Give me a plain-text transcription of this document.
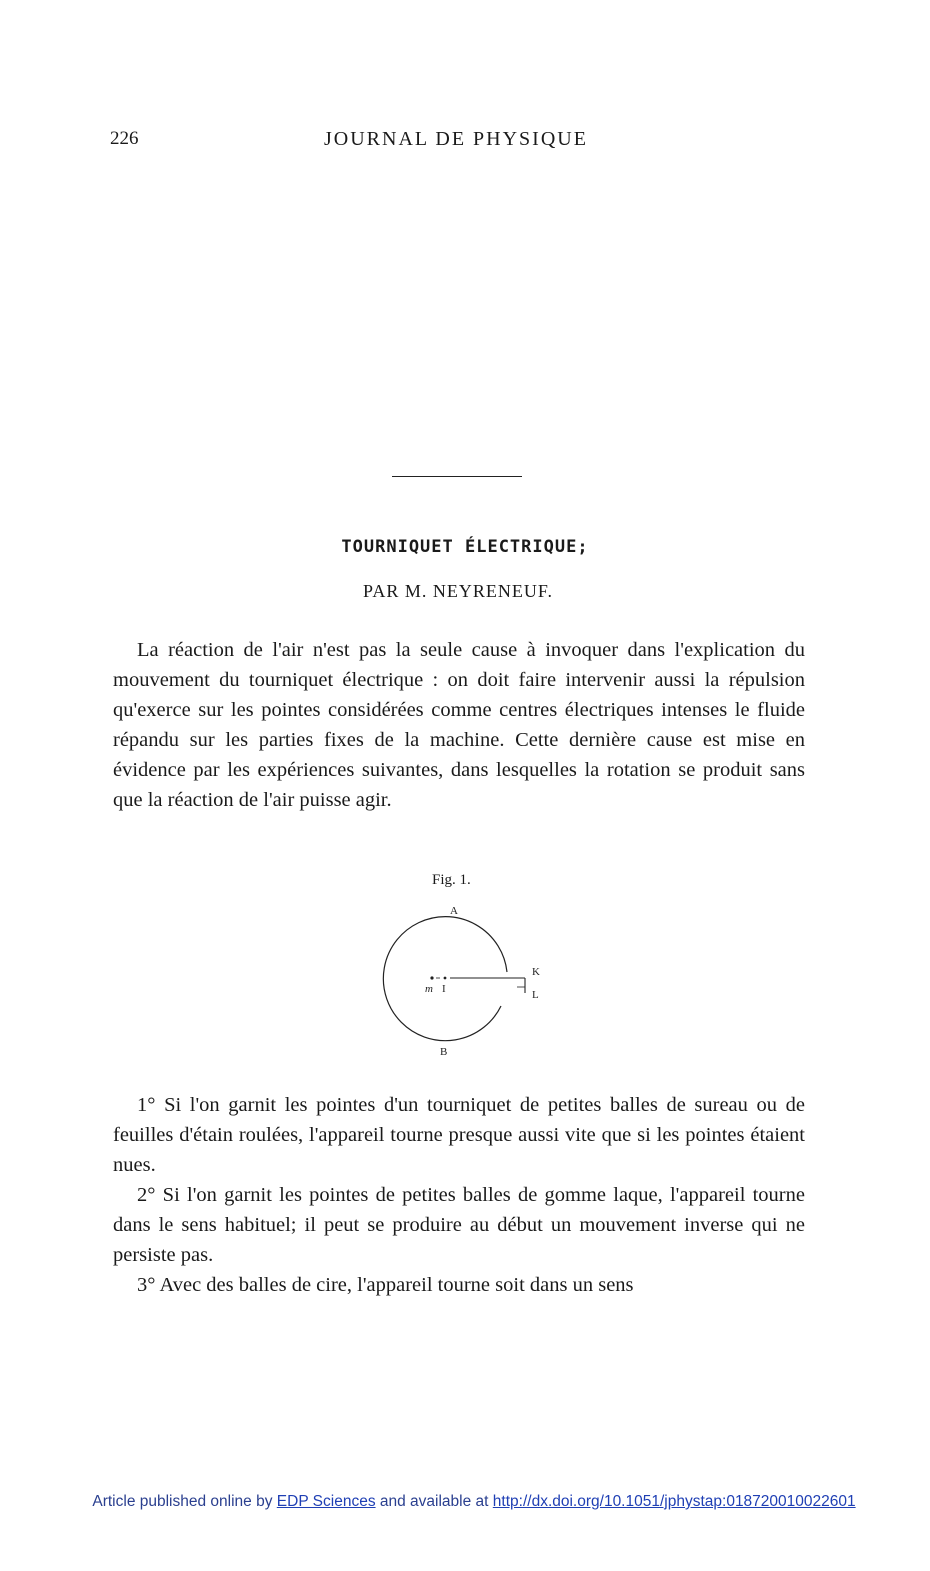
226	JOURNAL DE PHYSIQUE
TOURNIQUET ÉLECTRIQUE;
PAR M. NEYRENEUF.

La réaction de l'air n'est pas la seule cause à invoquer dans l'explication du mouvement du tourniquet électrique : on doit faire intervenir aussi la répulsion qu'exerce sur les pointes considérées comme centres électriques intenses le fluide répandu sur les parties fixes de la machine. Cette dernière cause est mise en évidence par les expériences suivantes, dans lesquelles la rotation se produit sans que la réaction de l'air puisse agir.

Fig. 1.
A
B
K
L
m I

1° Si l'on garnit les pointes d'un tourniquet de petites balles de sureau ou de feuilles d'étain roulées, l'appareil tourne presque aussi vite que si les pointes étaient nues.

2° Si l'on garnit les pointes de petites balles de gomme laque, l'appareil tourne dans le sens habituel; il peut se produire au début un mouvement inverse qui ne persiste pas.

3° Avec des balles de cire, l'appareil tourne soit dans un sens

Article published online by EDP Sciences and available at http://dx.doi.org/10.1051/jphystap:018720010022601
